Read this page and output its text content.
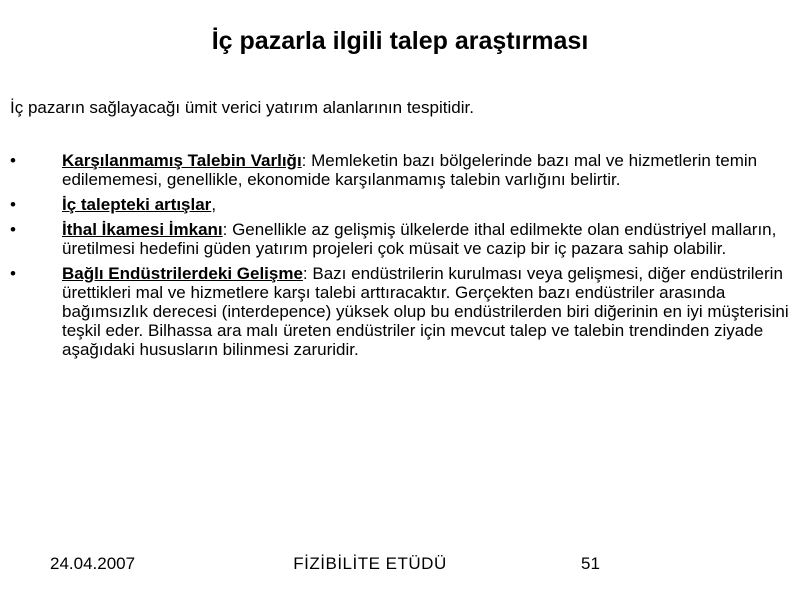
İç pazarla ilgili talep araştırması
İç pazarın sağlayacağı ümit verici yatırım alanlarının tespitidir.
•	Karşılanmamış Talebin Varlığı: Memleketin bazı bölgelerinde bazı mal ve hizmetlerin temin edilememesi, genellikle, ekonomide karşılanmamış talebin varlığını belirtir.
•	İç talepteki artışlar,
•	İthal İkamesi İmkanı: Genellikle az gelişmiş ülkelerde ithal edilmekte olan endüstriyel malların, üretilmesi hedefini güden yatırım projeleri çok müsait ve cazip bir iç pazara sahip olabilir.
•	Bağlı Endüstrilerdeki Gelişme: Bazı endüstrilerin kurulması veya gelişmesi, diğer endüstrilerin ürettikleri mal ve hizmetlere karşı talebi arttıracaktır. Gerçekten bazı endüstriler arasında bağımsızlık derecesi (interdepence) yüksek olup bu endüstrilerden biri diğerinin en iyi müşterisini teşkil eder. Bilhassa ara malı üreten endüstriler için mevcut talep ve talebin trendinden ziyade aşağıdaki hususların bilinmesi zaruridir.
24.04.2007	FİZİBİLİTE ETÜDÜ	51
